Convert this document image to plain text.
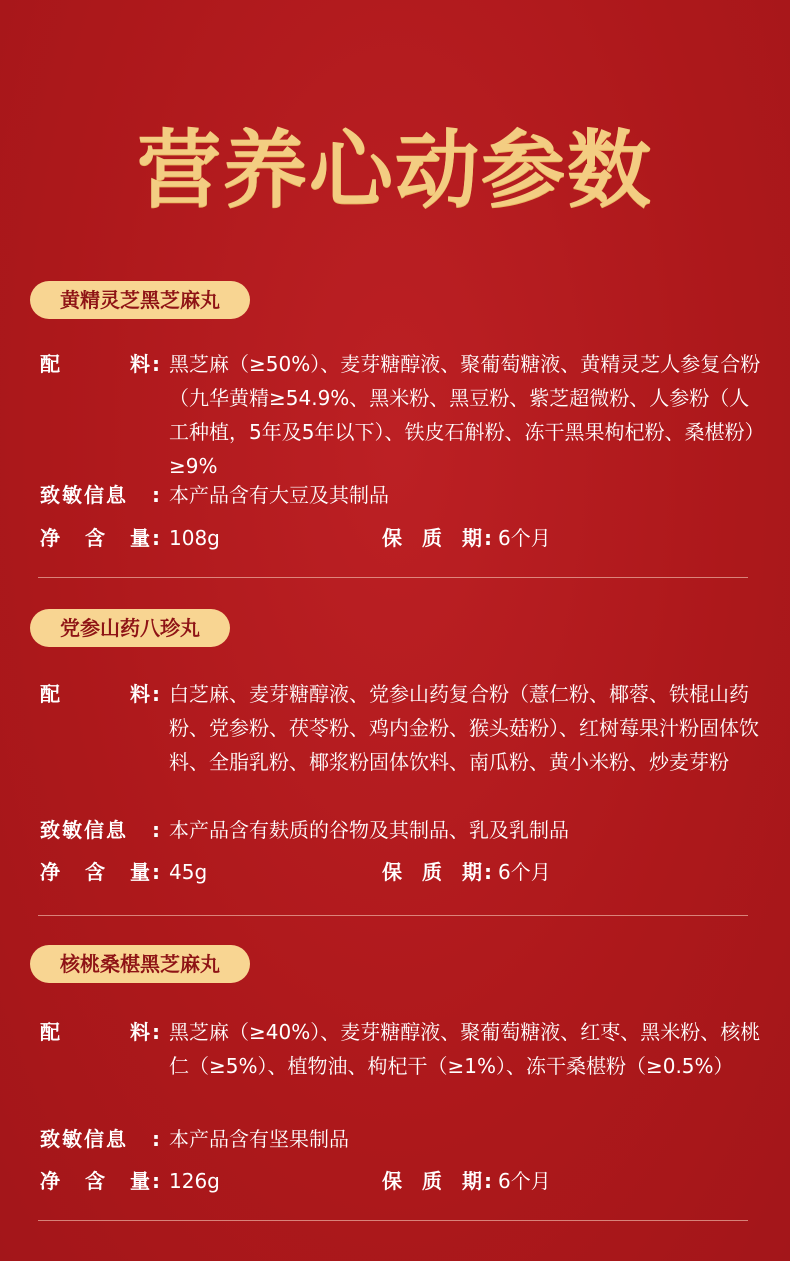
营养心动参数
黄精灵芝黑芝麻丸
配	料 : 黑芝麻（≥50%）、麦芽糖醇液、聚葡萄糖液、黄精灵芝人参复合粉（九华黄精≥54.9%、黑米粉、黑豆粉、紫芝超微粉、人参粉（人工种植，5年及5年以下）、铁皮石斛粉、冻干黑果枸杞粉、桑椹粉）≥9%
致敏信息	: 本产品含有大豆及其制品
净 含 量 : 108g	保 质 期 : 6个月
党参山药八珍丸
配	料 : 白芝麻、麦芽糖醇液、党参山药复合粉（薏仁粉、椰蓉、铁棍山药粉、党参粉、茯苓粉、鸡内金粉、猴头菇粉）、红树莓果汁粉固体饮料、全脂乳粉、椰浆粉固体饮料、南瓜粉、黄小米粉、炒麦芽粉
致敏信息	: 本产品含有麸质的谷物及其制品、乳及乳制品
净 含 量 : 45g	保 质 期 : 6个月
核桃桑椹黑芝麻丸
配	料 : 黑芝麻（≥40%）、麦芽糖醇液、聚葡萄糖液、红枣、黑米粉、核桃仁（≥5%）、植物油、枸杞干（≥1%）、冻干桑椹粉（≥0.5%）
致敏信息	: 本产品含有坚果制品
净 含 量 : 126g	保 质 期 : 6个月
